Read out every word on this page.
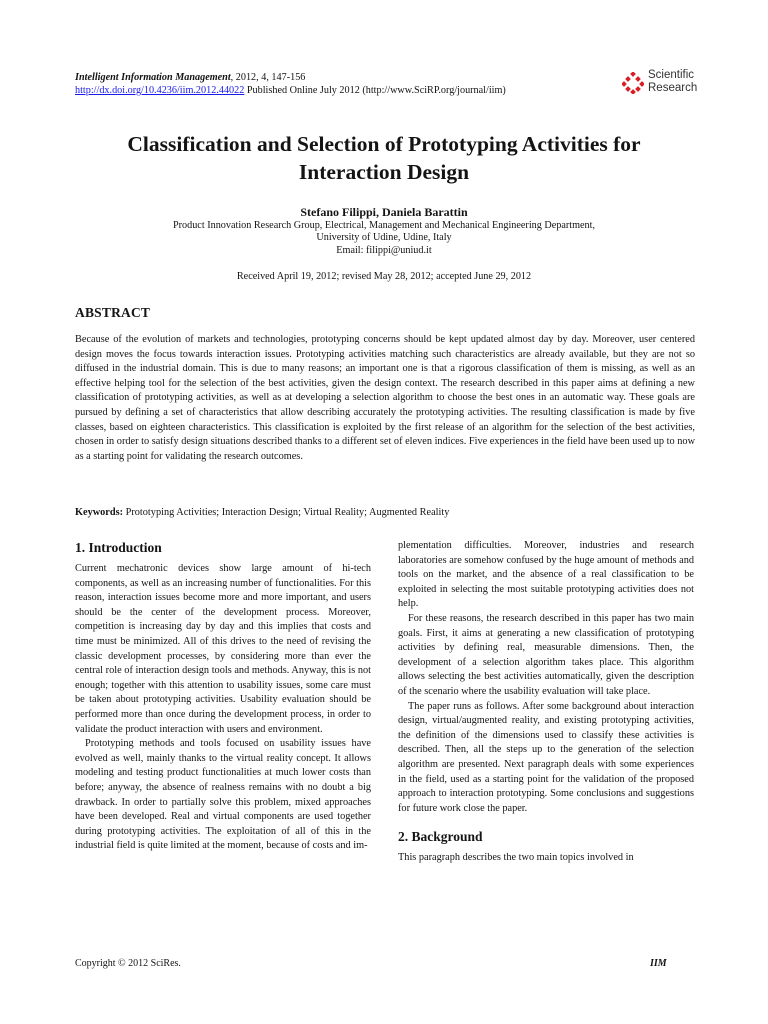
Intelligent Information Management, 2012, 4, 147-156
http://dx.doi.org/10.4236/iim.2012.44022 Published Online July 2012 (http://www.SciRP.org/journal/iim)
Scientific
Research
Classification and Selection of Prototyping Activities for
Interaction Design
Stefano Filippi, Daniela Barattin
Product Innovation Research Group, Electrical, Management and Mechanical Engineering Department,
University of Udine, Udine, Italy
Email: filippi@uniud.it
Received April 19, 2012; revised May 28, 2012; accepted June 29, 2012
ABSTRACT
Because of the evolution of markets and technologies, prototyping concerns should be kept updated almost day by day. Moreover, user centered design moves the focus towards interaction issues. Prototyping activities matching such characteristics are already available, but they are not so diffused in the industrial domain. This is due to many reasons; an important one is that a rigorous classification of them is missing, as well as an effective helping tool for the selection of the best activities, given the design context. The research described in this paper aims at defining a new classification of prototyping activities, as well as at developing a selection algorithm to choose the best ones in an automatic way. These goals are pursued by defining a set of characteristics that allow describing accurately the prototyping activities. The resulting classification is made by five classes, based on eighteen characteristics. This classification is exploited by the first release of an algorithm for the selection of the best activities, chosen in order to satisfy design situations described thanks to a different set of eleven indices. Five experiences in the field have been used up to now as a starting point for validating the research outcomes.
Keywords: Prototyping Activities; Interaction Design; Virtual Reality; Augmented Reality
1. Introduction

Current mechatronic devices show large amount of hi-tech components, as well as an increasing number of functionalities. For this reason, interaction issues become more and more important, and users should be the center of the development process. Moreover, competition is increasing day by day and this implies that costs and time must be minimized. All of this drives to the need of revising the classic development processes, by considering more than ever the central role of interaction design tools and methods. Anyway, this is not enough; together with this attention to usability issues, some care must be taken about prototyping activities. Usability evaluation should be performed more than once during the development process, in order to validate the product interaction with users and environment.

Prototyping methods and tools focused on usability issues have evolved as well, mainly thanks to the virtual reality concept. It allows modeling and testing product functionalities at much lower costs than before; anyway, the absence of realness remains with no doubt a big drawback. In order to partially solve this problem, mixed approaches have been developed. Real and virtual components are used together during prototyping activities. The exploitation of all of this in the industrial field is quite limited at the moment, because of costs and im-

plementation difficulties. Moreover, industries and research laboratories are somehow confused by the huge amount of methods and tools on the market, and the absence of a real classification to be exploited in selecting the most suitable prototyping activities does not help.

For these reasons, the research described in this paper has two main goals. First, it aims at generating a new classification of prototyping activities by defining real, measurable dimensions. Then, the development of a selection algorithm takes place. This algorithm allows selecting the best activities automatically, given the description of the scenario where the usability evaluation will take place.

The paper runs as follows. After some background about interaction design, virtual/augmented reality, and existing prototyping activities, the definition of the dimensions used to classify these activities is described. Then, all the steps up to the generation of the selection algorithm are presented. Next paragraph deals with some experiences in the field, used as a starting point for the validation of the proposed approach to interaction prototyping. Some conclusions and suggestions for future work close the paper.

2. Background

This paragraph describes the two main topics involved in

Copyright © 2012 SciRes.	IIM
